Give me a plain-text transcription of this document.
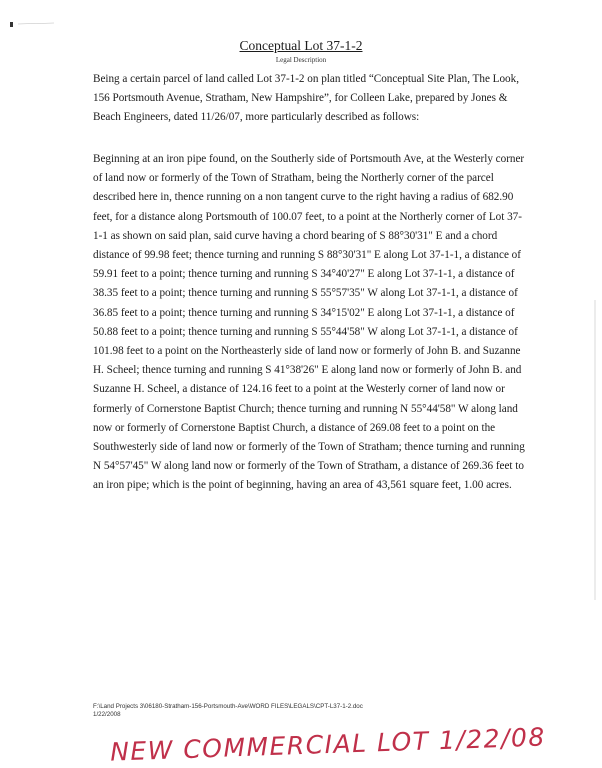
Conceptual Lot 37-1-2
Legal Description

Being a certain parcel of land called Lot 37-1-2 on plan titled “Conceptual Site Plan, The Look, 156 Portsmouth Avenue, Stratham, New Hampshire”, for Colleen Lake, prepared by Jones & Beach Engineers, dated 11/26/07, more particularly described as follows:

Beginning at an iron pipe found, on the Southerly side of Portsmouth Ave, at the Westerly corner of land now or formerly of the Town of Stratham, being the Northerly corner of the parcel described here in, thence running on a non tangent curve to the right having a radius of 682.90 feet, for a distance along Portsmouth of 100.07 feet, to a point at the Northerly corner of Lot 37-1-1 as shown on said plan, said curve having a chord bearing of S 88°30'31" E and a chord distance of 99.98 feet; thence turning and running S 88°30'31" E along Lot 37-1-1, a distance of 59.91 feet to a point; thence turning and running S 34°40'27" E along Lot 37-1-1, a distance of 38.35 feet to a point; thence turning and running S 55°57'35" W along Lot 37-1-1, a distance of 36.85 feet to a point; thence turning and running S 34°15'02" E along Lot 37-1-1, a distance of 50.88 feet to a point; thence turning and running S 55°44'58" W along Lot 37-1-1, a distance of 101.98 feet to a point on the Northeasterly side of land now or formerly of John B. and Suzanne H. Scheel; thence turning and running S 41°38'26" E along land now or formerly of John B. and Suzanne H. Scheel, a distance of 124.16 feet to a point at the Westerly corner of land now or formerly of Cornerstone Baptist Church; thence turning and running N 55°44'58" W along land now or formerly of Cornerstone Baptist Church, a distance of 269.08 feet to a point on the Southwesterly side of land now or formerly of the Town of Stratham; thence turning and running N 54°57'45" W along land now or formerly of the Town of Stratham, a distance of 269.36 feet to an iron pipe; which is the point of beginning, having an area of 43,561 square feet, 1.00 acres.

F:\Land Projects 3\06180-Stratham-156-Portsmouth-Ave\WORD FILES\LEGALS\CPT-L37-1-2.doc
1/22/2008
NEW COMMERCIAL LOT 1/22/08
